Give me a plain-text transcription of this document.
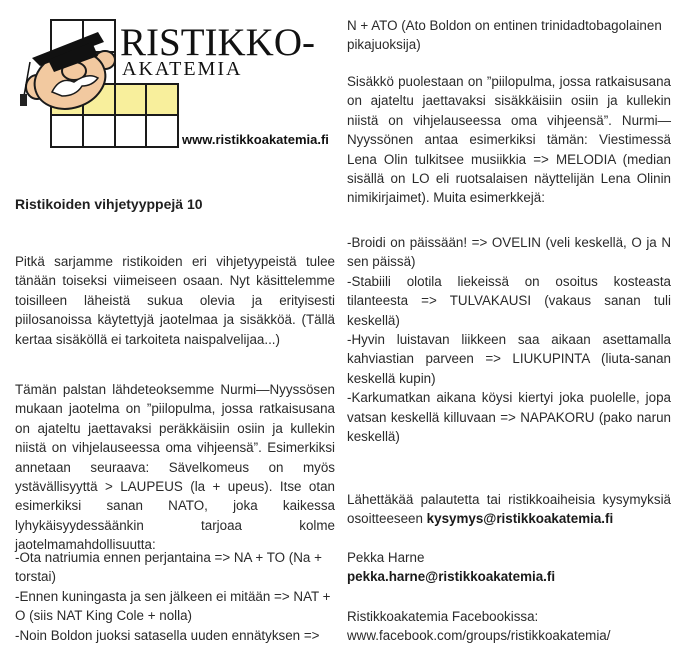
RISTIKKO-
AKATEMIA
www.ristikkoakatemia.fi
Ristikoiden vihjetyyppejä 10

Pitkä sarjamme ristikoiden eri vihjetyypeistä tulee tänään toiseksi viimeiseen osaan. Nyt käsittelemme toisilleen läheistä sukua olevia ja erityisesti piilosanoissa käytettyjä jaotelmaa ja sisäkköä. (Tällä kertaa sisäköllä ei tarkoiteta naispalvelijaa...)

Tämän palstan lähdeteoksemme Nurmi—Nyyssösen mukaan jaotelma on ”piilopulma, jossa ratkaisusana on ajateltu jaettavaksi peräkkäisiin osiin ja kullekin niistä on vihjelauseessa oma vihjeensä”. Esimerkiksi annetaan seuraava: Sävelkomeus on myös ystävällisyyttä > LAUPEUS (la + upeus). Itse otan esimerkiksi sanan NATO, joka kaikessa lyhykäisyydessäänkin tarjoaa kolme jaotelmamahdollisuutta:

-Ota natriumia ennen perjantaina => NA + TO (Na + torstai)
-Ennen kuningasta ja sen jälkeen ei mitään => NAT + O (siis NAT King Cole + nolla)
-Noin Boldon juoksi satasella uuden ennätyksen =>
N + ATO (Ato Boldon on entinen trinidadtobagolainen pikajuoksija)

Sisäkkö puolestaan on ”piilopulma, jossa ratkaisusana on ajateltu jaettavaksi sisäkkäisiin osiin ja kullekin niistä on vihjelauseessa oma vihjeensä”. Nurmi—Nyyssönen antaa esimerkiksi tämän: Viestimessä Lena Olin tulkitsee musiikkia => MELODIA (median sisällä on LO eli ruotsalaisen näyttelijän Lena Olinin nimikirjaimet). Muita esimerkkejä:

-Broidi on päissään! => OVELIN (veli keskellä, O ja N sen päissä)

-Stabiili olotila liekeissä on osoitus kosteasta tilanteesta => TULVAKAUSI (vakaus sanan tuli keskellä)

-Hyvin luistavan liikkeen saa aikaan asettamalla kahviastian parveen => LIUKUPINTA (liuta-sanan keskellä kupin)

-Karkumatkan aikana köysi kiertyi joka puolelle, jopa vatsan keskellä killuvaan => NAPAKORU (pako narun keskellä)

Lähettäkää palautetta tai ristikkoaiheisia kysymyksiä osoitteeseen kysymys@ristikkoakatemia.fi

Pekka Harne
pekka.harne@ristikkoakatemia.fi
Ristikkoakatemia Facebookissa:
www.facebook.com/groups/ristikkoakatemia/
